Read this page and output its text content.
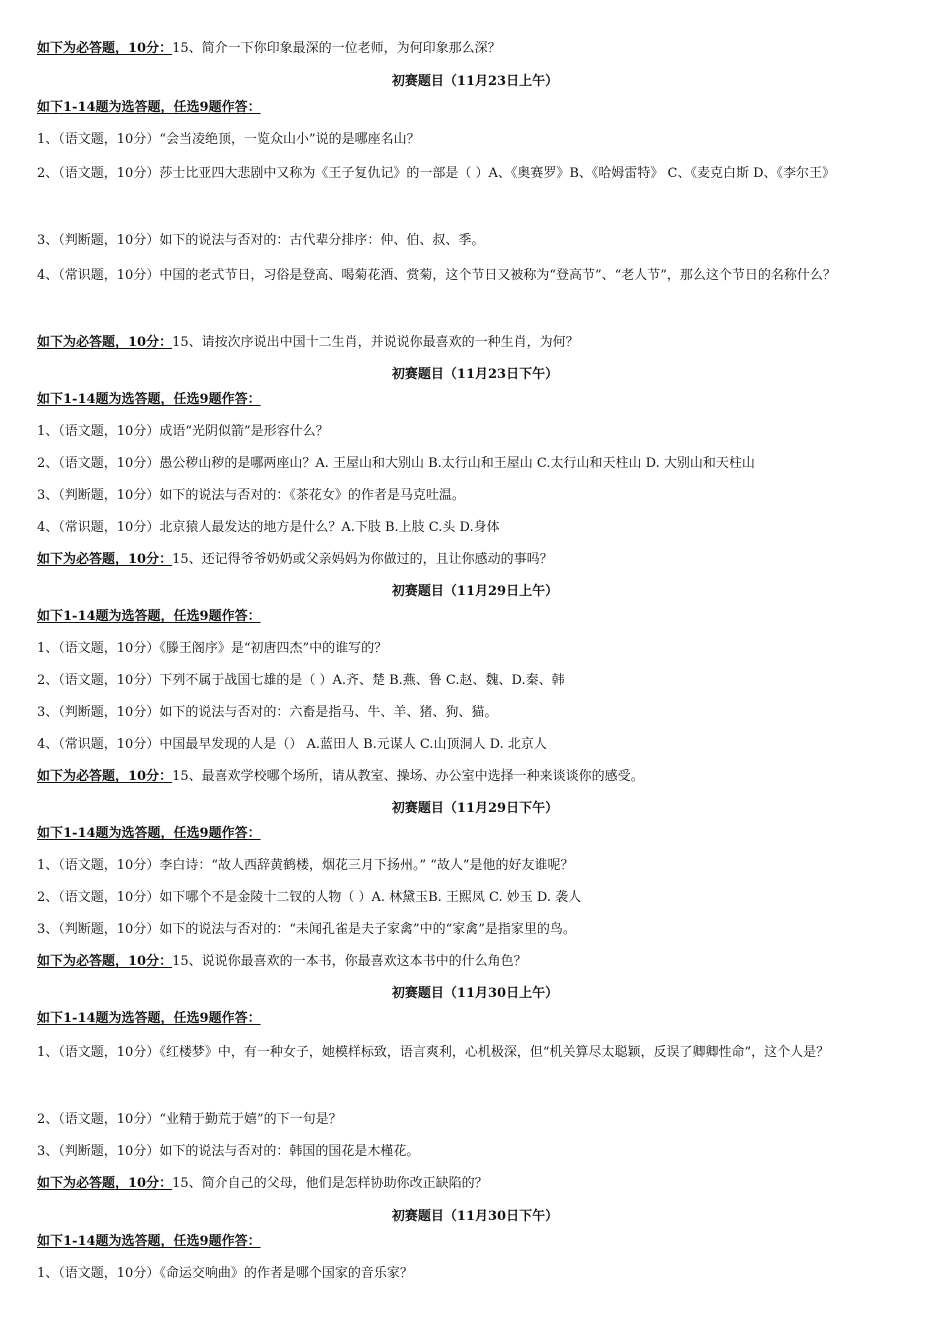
如下为必答题，10分：15、简介一下你印象最深的一位老师，为何印象那么深？
初赛题目（11月23日上午）
如下1-14题为选答题，任选9题作答：
1、（语文题，10分）“会当凌绝顶，一览众山小”说的是哪座名山？
2、（语文题，10分）莎士比亚四大悲剧中又称为《王子复仇记》的一部是（ ）A、《奥赛罗》B、《哈姆雷特》 C、《麦克白斯 D、《李尔王》
3、（判断题，10分）如下的说法与否对的：古代辈分排序：仲、伯、叔、季。
4、（常识题，10分）中国的老式节日，习俗是登高、喝菊花酒、赏菊，这个节日又被称为“登高节”、“老人节”，那么这个节日的名称什么？
如下为必答题，10分：15、请按次序说出中国十二生肖，并说说你最喜欢的一种生肖，为何？
初赛题目（11月23日下午）
如下1-14题为选答题，任选9题作答：
1、（语文题，10分）成语“光阴似箭”是形容什么？
2、（语文题，10分）愚公秽山秽的是哪两座山？A. 王屋山和大别山 B.太行山和王屋山 C.太行山和天柱山 D. 大别山和天柱山
3、（判断题，10分）如下的说法与否对的：《茶花女》的作者是马克吐温。
4、（常识题，10分）北京猿人最发达的地方是什么？A.下肢 B.上肢 C.头 D.身体
如下为必答题，10分：15、还记得爷爷奶奶或父亲妈妈为你做过的，且让你感动的事吗？
初赛题目（11月29日上午）
如下1-14题为选答题，任选9题作答：
1、（语文题，10分）《滕王阁序》是“初唐四杰”中的谁写的？
2、（语文题，10分）下列不属于战国七雄的是（ ）A.齐、楚 B.燕、鲁 C.赵、魏、D.秦、韩
3、（判断题，10分）如下的说法与否对的：六畜是指马、牛、羊、猪、狗、猫。
4、（常识题，10分）中国最早发现的人是（） A.蓝田人 B.元谋人 C.山顶洞人 D. 北京人
如下为必答题，10分：15、最喜欢学校哪个场所，请从教室、操场、办公室中选择一种来谈谈你的感受。
初赛题目（11月29日下午）
如下1-14题为选答题，任选9题作答：
1、（语文题，10分）李白诗：“故人西辞黄鹤楼，烟花三月下扬州。” “故人”是他的好友谁呢？
2、（语文题，10分）如下哪个不是金陵十二钗的人物（ ）A. 林黛玉B. 王熙凤 C. 妙玉 D. 袭人
3、（判断题，10分）如下的说法与否对的：“未闻孔雀是夫子家禽”中的“家禽”是指家里的鸟。
如下为必答题，10分：15、说说你最喜欢的一本书，你最喜欢这本书中的什么角色？
初赛题目（11月30日上午）
如下1-14题为选答题，任选9题作答：
1、（语文题，10分）《红楼梦》中，有一种女子，她模样标致，语言爽利，心机极深，但“机关算尽太聪颖，反误了卿卿性命”，这个人是？
2、（语文题，10分）“业精于勤荒于嬉”的下一句是？
3、（判断题，10分）如下的说法与否对的：韩国的国花是木槿花。
如下为必答题，10分：15、简介自己的父母，他们是怎样协助你改正缺陷的？
初赛题目（11月30日下午）
如下1-14题为选答题，任选9题作答：
1、（语文题，10分）《命运交响曲》的作者是哪个国家的音乐家？
